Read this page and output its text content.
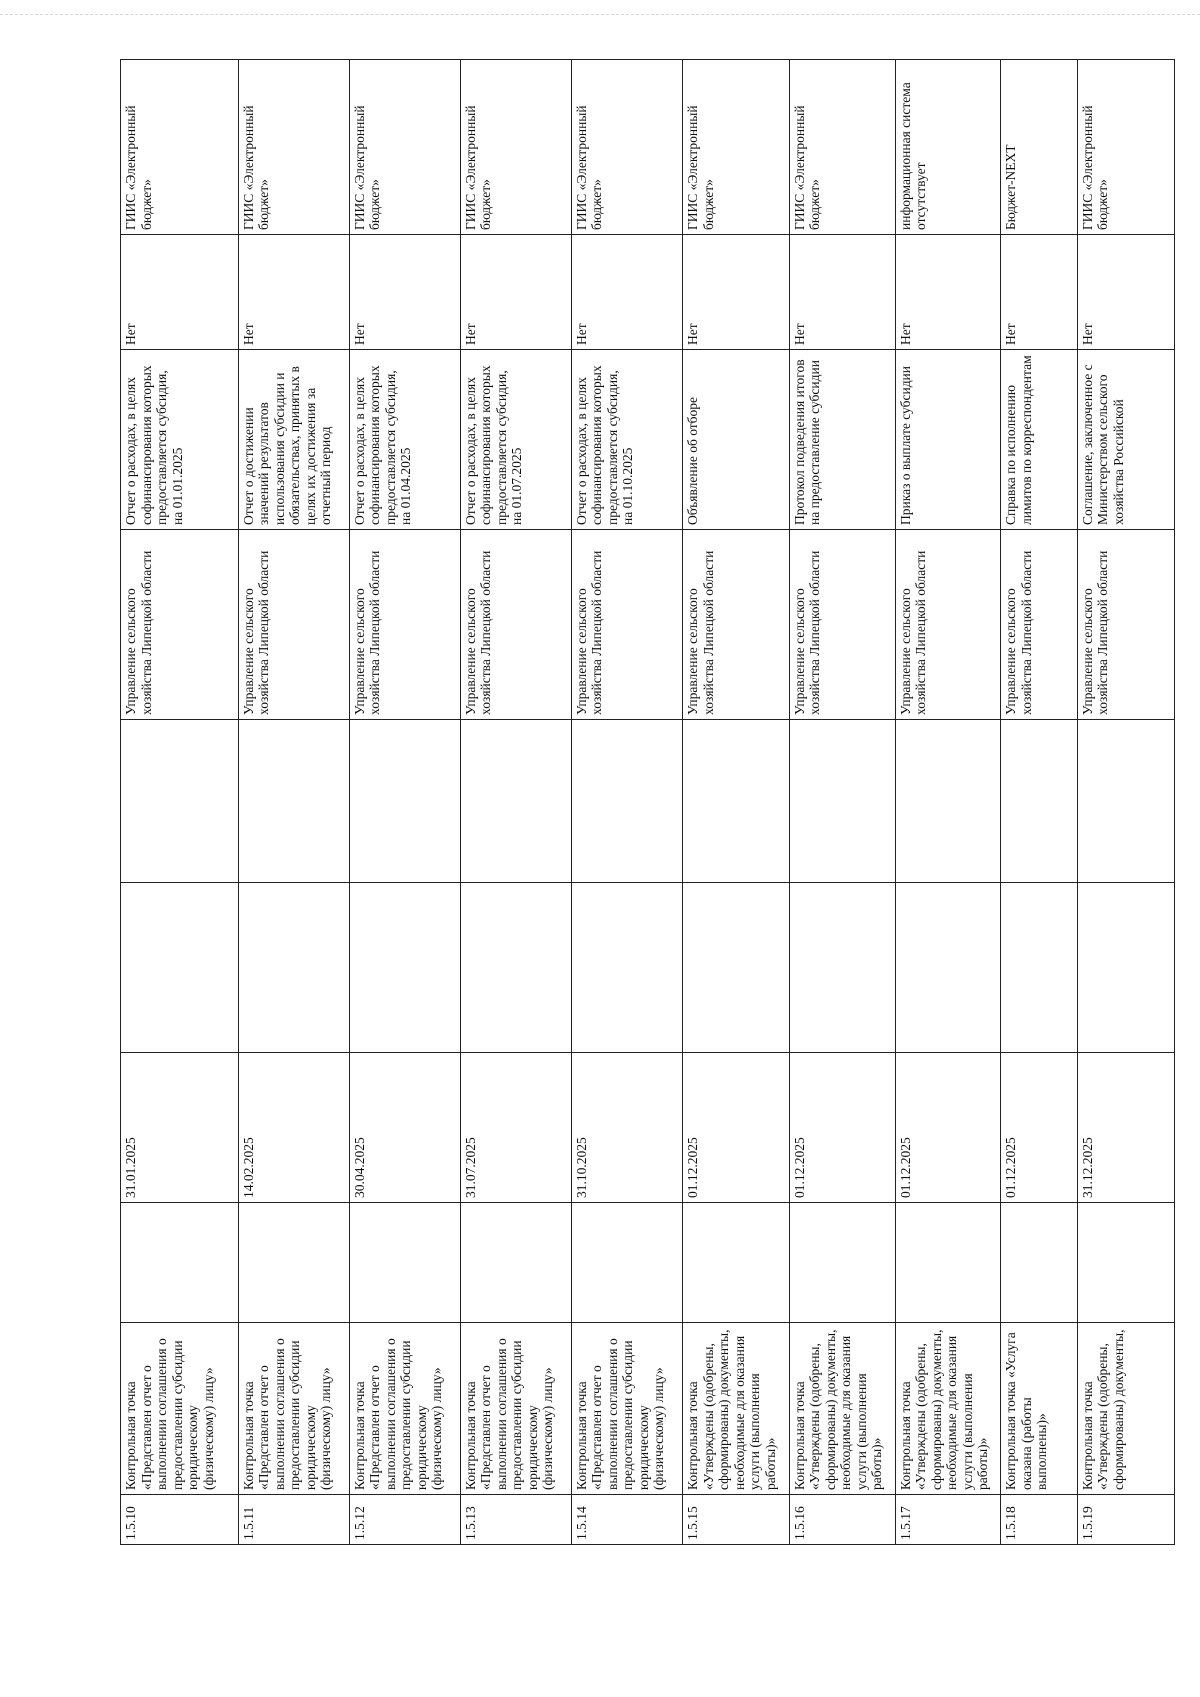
1.5.10	Контрольная точка «Представлен отчет о выполнении соглашения о предоставлении субсидии юридическому (физическому) лицу»		31.01.2025			Управление сельского хозяйства Липецкой области	Отчет о расходах, в целях софинансирования которых предоставляется субсидия, на 01.01.2025	Нет	ГИИС «Электронный бюджет»
1.5.11	Контрольная точка «Представлен отчет о выполнении соглашения о предоставлении субсидии юридическому (физическому) лицу»		14.02.2025			Управление сельского хозяйства Липецкой области	Отчет о достижении значений результатов использования субсидии и обязательствах, принятых в целях их достижения за отчетный период	Нет	ГИИС «Электронный бюджет»
1.5.12	Контрольная точка «Представлен отчет о выполнении соглашения о предоставлении субсидии юридическому (физическому) лицу»		30.04.2025			Управление сельского хозяйства Липецкой области	Отчет о расходах, в целях софинансирования которых предоставляется субсидия, на 01.04.2025	Нет	ГИИС «Электронный бюджет»
1.5.13	Контрольная точка «Представлен отчет о выполнении соглашения о предоставлении субсидии юридическому (физическому) лицу»		31.07.2025			Управление сельского хозяйства Липецкой области	Отчет о расходах, в целях софинансирования которых предоставляется субсидия, на 01.07.2025	Нет	ГИИС «Электронный бюджет»
1.5.14	Контрольная точка «Представлен отчет о выполнении соглашения о предоставлении субсидии юридическому (физическому) лицу»		31.10.2025			Управление сельского хозяйства Липецкой области	Отчет о расходах, в целях софинансирования которых предоставляется субсидия, на 01.10.2025	Нет	ГИИС «Электронный бюджет»
1.5.15	Контрольная точка «Утверждены (одобрены, сформированы) документы, необходимые для оказания услуги (выполнения работы)»		01.12.2025			Управление сельского хозяйства Липецкой области	Объявление об отборе	Нет	ГИИС «Электронный бюджет»
1.5.16	Контрольная точка «Утверждены (одобрены, сформированы) документы, необходимые для оказания услуги (выполнения работы)»		01.12.2025			Управление сельского хозяйства Липецкой области	Протокол подведения итогов на предоставление субсидии	Нет	ГИИС «Электронный бюджет»
1.5.17	Контрольная точка «Утверждены (одобрены, сформированы) документы, необходимые для оказания услуги (выполнения работы)»		01.12.2025			Управление сельского хозяйства Липецкой области	Приказ о выплате субсидии	Нет	информационная система отсутствует
1.5.18	Контрольная точка «Услуга оказана (работы выполнены)»		01.12.2025			Управление сельского хозяйства Липецкой области	Справка по исполнению лимитов по корреспондентам	Нет	Бюджет-NEXT
1.5.19	Контрольная точка «Утверждены (одобрены, сформированы) документы,		31.12.2025			Управление сельского хозяйства Липецкой области	Соглашение, заключенное с Министерством сельского хозяйства Российской	Нет	ГИИС «Электронный бюджет»
